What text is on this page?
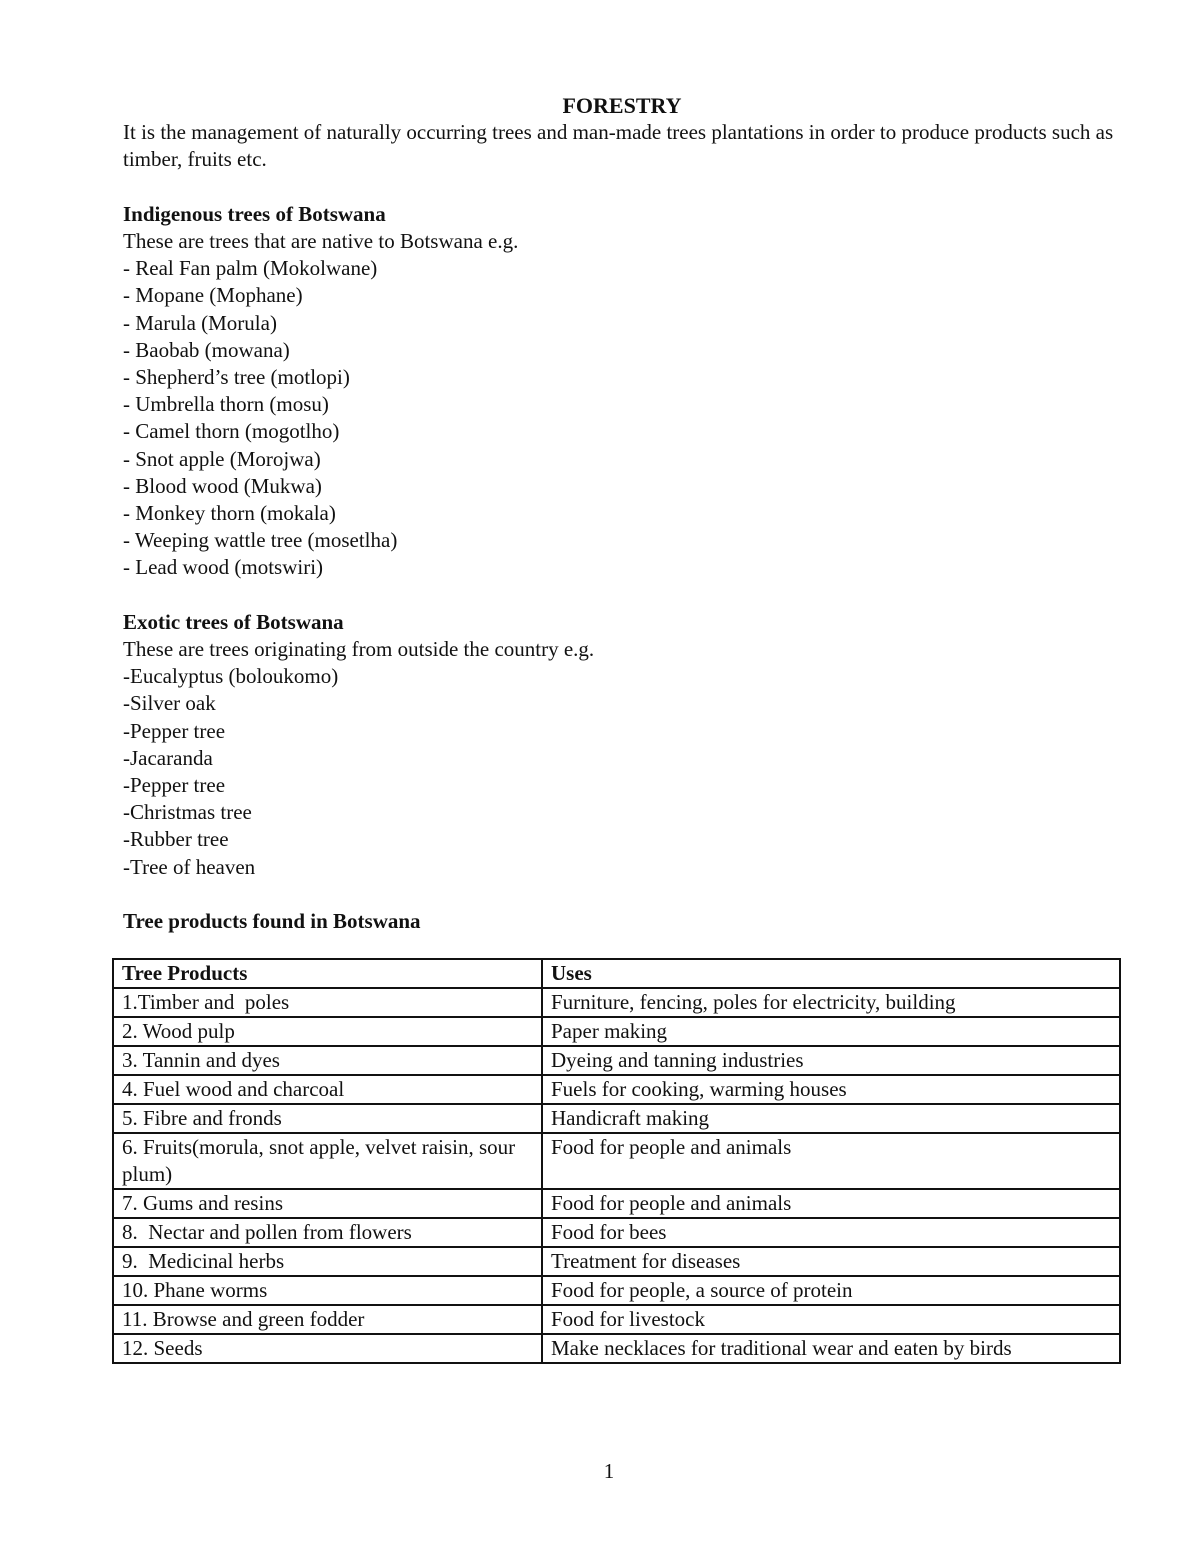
FORESTRY

It is the management of naturally occurring trees and man-made trees plantations in order to produce products such as timber, fruits etc.

Indigenous trees of Botswana

These are trees that are native to Botswana e.g.

- Real Fan palm (Mokolwane)
- Mopane (Mophane)
- Marula (Morula)
- Baobab (mowana)
- Shepherd’s tree (motlopi)
- Umbrella thorn (mosu)
- Camel thorn (mogotlho)
- Snot apple (Morojwa)
- Blood wood (Mukwa)
- Monkey thorn (mokala)
- Weeping wattle tree (mosetlha)
- Lead wood (motswiri)

Exotic trees of Botswana

These are trees originating from outside the country e.g.

-Eucalyptus (boloukomo)
-Silver oak
-Pepper tree
-Jacaranda
-Pepper tree
-Christmas tree
-Rubber tree
-Tree of heaven

Tree products found in Botswana

Tree Products	Uses
1.Timber and  poles	Furniture, fencing, poles for electricity, building
2. Wood pulp	Paper making
3. Tannin and dyes	Dyeing and tanning industries
4. Fuel wood and charcoal	Fuels for cooking, warming houses
5. Fibre and fronds	Handicraft making
6. Fruits(morula, snot apple, velvet raisin, sour plum)	Food for people and animals
7. Gums and resins	Food for people and animals
8.  Nectar and pollen from flowers	Food for bees
9.  Medicinal herbs	Treatment for diseases
10. Phane worms	Food for people, a source of protein
11. Browse and green fodder	Food for livestock
12. Seeds	Make necklaces for traditional wear and eaten by birds
1
